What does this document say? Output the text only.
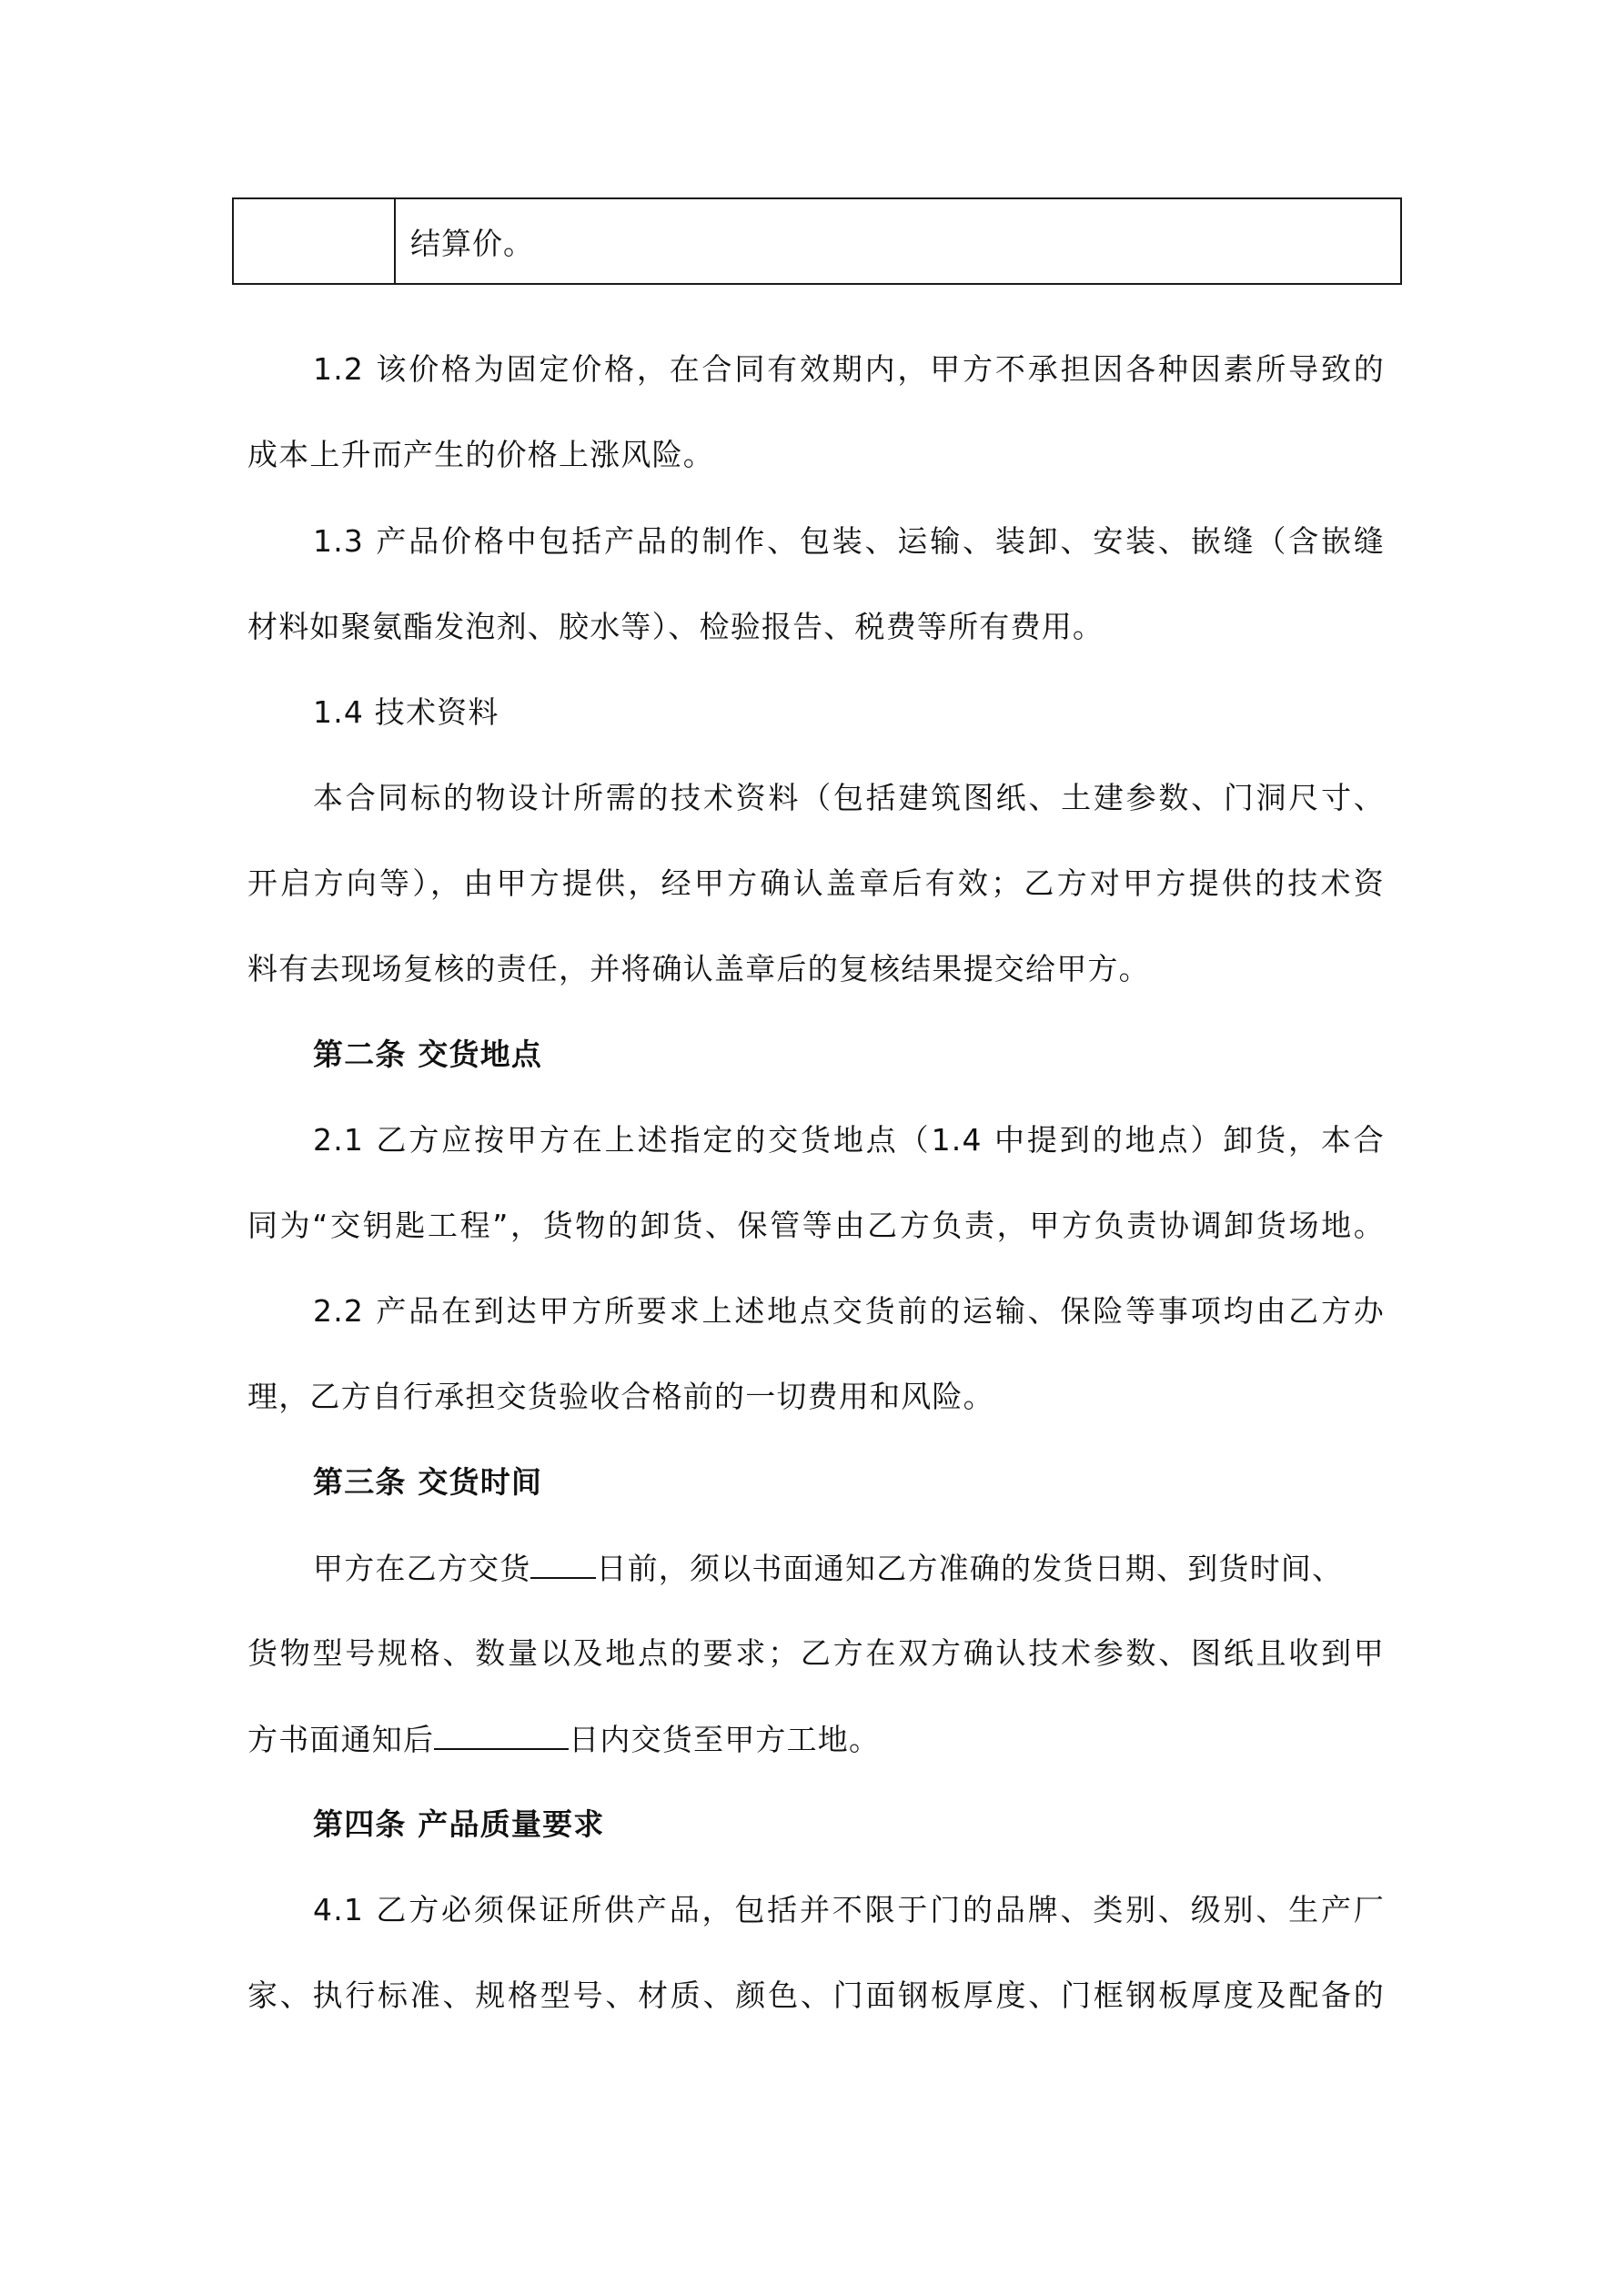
结算价。
1.2 该价格为固定价格，在合同有效期内，甲方不承担因各种因素所导致的
成本上升而产生的价格上涨风险。
1.3 产品价格中包括产品的制作、包装、运输、装卸、安装、嵌缝（含嵌缝
材料如聚氨酯发泡剂、胶水等）、检验报告、税费等所有费用。
1.4 技术资料
本合同标的物设计所需的技术资料（包括建筑图纸、土建参数、门洞尺寸、
开启方向等），由甲方提供，经甲方确认盖章后有效；乙方对甲方提供的技术资
料有去现场复核的责任，并将确认盖章后的复核结果提交给甲方。
第二条 交货地点
2.1 乙方应按甲方在上述指定的交货地点（1.4 中提到的地点）卸货，本合
同为“交钥匙工程”，货物的卸货、保管等由乙方负责，甲方负责协调卸货场地。
2.2 产品在到达甲方所要求上述地点交货前的运输、保险等事项均由乙方办
理，乙方自行承担交货验收合格前的一切费用和风险。
第三条 交货时间
甲方在乙方交货 日前，须以书面通知乙方准确的发货日期、到货时间、
货物型号规格、数量以及地点的要求；乙方在双方确认技术参数、图纸且收到甲
方书面通知后	日内交货至甲方工地。
第四条 产品质量要求
4.1 乙方必须保证所供产品，包括并不限于门的品牌、类别、级别、生产厂
家、执行标准、规格型号、材质、颜色、门面钢板厚度、门框钢板厚度及配备的
